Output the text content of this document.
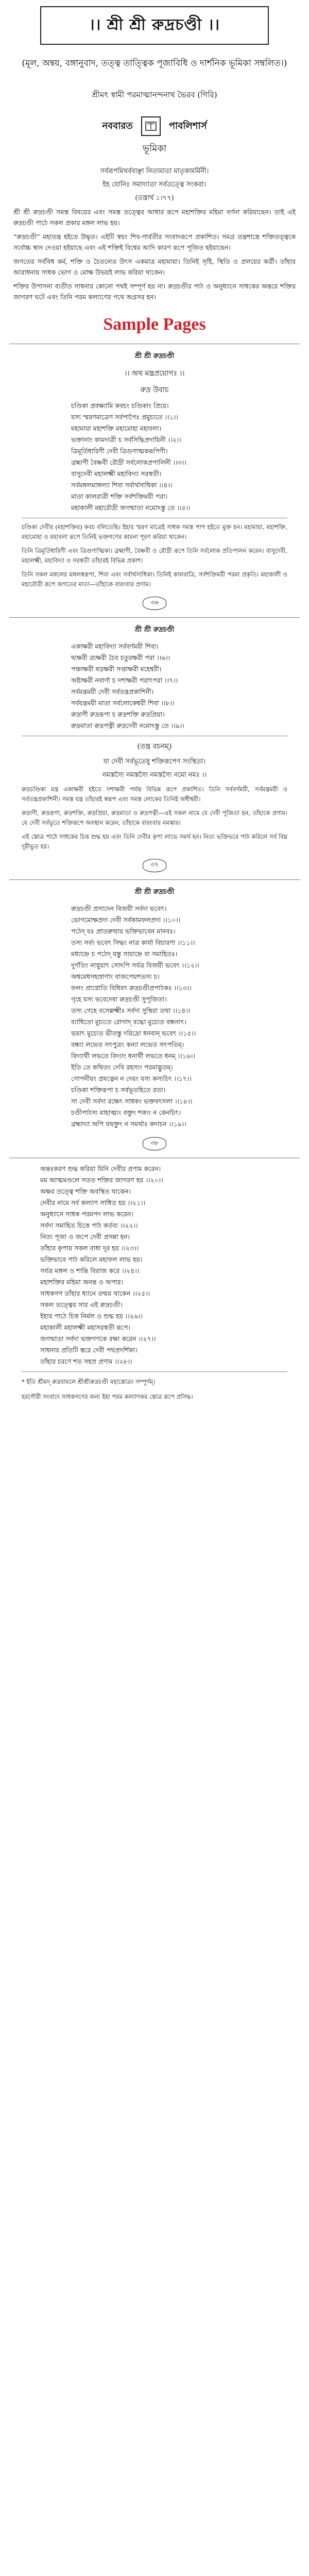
।। শ্রী শ্রী রুদ্রচণ্ডী ।।
(মূল, অন্বয়, বঙ্গানুবাদ, তত্ত্ব তাত্ত্বিক পূজাবিধি ও দার্শনিক ভূমিকা সম্বলিত।)
শ্রীমৎ স্বামী পরমাত্মানন্দনাথ ভৈরব (গিরি)
নববারত	পাবলিশার্স
ভূমিকা
সর্বরূপমিথর্ববাঞ্ছা নিত্যমাতা মাতৃকামর্মিনী।
ইহ যোনিঃ সমাদ্যাতা সর্বতত্ত্বে সংকরা।
(তন্ত্রার্থ ১।৭৭)

শ্রী শ্রী রুদ্রচণ্ডী সমস্ত বিষয়ের এবং সমস্ত তত্ত্বের আধার রূপে মহাশক্তির মহিমা বর্ণনা করিয়াছেন। তাই এই রুদ্রচণ্ডী পাঠে সকল প্রকার মঙ্গল লাভ হয়।

“রুদ্রচণ্ডী” মহাতন্ত্র হইতে উদ্ধৃত। এইটি স্বয়ং শিব-পার্বতীর সংবাদরূপে প্রকাশিত। সমগ্র তন্ত্রশাস্ত্রে শক্তিতত্ত্বকে সর্বোচ্চ স্থান দেওয়া হইয়াছে এবং এই শক্তিই বিশ্বের আদি কারণ রূপে পূজিত হইয়াছেন।

জগতের সর্ববিধ কর্ম, শক্তি ও চৈতন্যের উৎস একমাত্র মহামায়া। তিনিই সৃষ্টি, স্থিতি ও প্রলয়ের কর্ত্রী। তাঁহার আরাধনায় সাধক ভোগ ও মোক্ষ উভয়ই লাভ করিয়া থাকেন।

শক্তির উপাসনা ব্যতীত সাধনার কোনো পথই সম্পূর্ণ হয় না। রুদ্রচণ্ডীর পাঠ ও অনুধ্যানে সাধকের অন্তরে শক্তির জাগরণ ঘটে এবং তিনি পরম কল্যাণের পথে অগ্রসর হন।

Sample Pages
শ্রী শ্রী রুদ্রচণ্ডী
।। অথ মন্ত্রপ্রয়োগঃ ।।
রুদ্র উবাচ
চণ্ডিকা প্রবক্ষ্যামি কবচং চণ্ডিকাং প্রিয়ে।
যস্য স্মরণমাত্রেণ সর্বপাপৈঃ প্রমুচ্যতে ।।১।।
মহামায়া মহাশক্তি মহামোহা মহাবলা।
ভক্তানাং কামদাত্রী চ সর্বসিদ্ধিপ্রদায়িনী ।।২।।
ত্রিমূর্তিধারিণী দেবী ত্রিগুণাত্মকরূপিণী।
ব্রহ্মাণী বৈষ্ণবী রৌদ্রী সর্বলোকপ্রপালিনী ।।৩।।
বাসুদেবী মহালক্ষ্মী মহাবিদ্যা সরস্বতী।
সর্বমঙ্গলমাঙ্গল্যা শিবা সর্বার্থসাধিকা ।।৪।।
মাতা কালরাত্রী শক্তি সর্বশক্তিময়ী পরা।
মহাকালী মহারৌদ্রী জগন্মাতা নমোঽস্তু তে ।।৫।।

চণ্ডিকা দেবীর (মহাশক্তির) কবচ বলিতেছি। ইহার স্মরণ মাত্রেই সাধক সমস্ত পাপ হইতে মুক্ত হন। মহামায়া, মহাশক্তি, মহামোহা ও মহাবলা রূপে তিনিই ভক্তগণের কামনা পূরণ করিয়া থাকেন।

তিনি ত্রিমূর্তিধারিণী এবং ত্রিগুণাত্মিকা। ব্রহ্মাণী, বৈষ্ণবী ও রৌদ্রী রূপে তিনি সর্বলোক প্রতিপালন করেন। বাসুদেবী, মহালক্ষ্মী, মহাবিদ্যা ও সরস্বতী তাঁহারই বিভিন্ন প্রকাশ।

তিনি সকল মঙ্গলের মঙ্গলস্বরূপা, শিবা এবং সর্বার্থসাধিকা। তিনিই কালরাত্রি, সর্বশক্তিময়ী পরমা প্রকৃতি। মহাকালী ও মহারৌদ্রী রূপে জগতের মাতা—তাঁহাকে বারংবার প্রণাম।

৩৬
শ্রী শ্রী রুদ্রচণ্ডী
একাক্ষরী মহাবিদ্যা সর্ববর্ণময়ী শিবা।
দ্ব্যক্ষরী ত্র্যক্ষরী চৈব চতুরক্ষরী পরা ।।৬।।
পঞ্চাক্ষরী ষড়ক্ষরী সপ্তাক্ষরী মহেশ্বরী।
অষ্টাক্ষরী নবার্ণা চ দশাক্ষরী পরাৎপরা ।।৭।।
সর্বমন্ত্রময়ী দেবী সর্বতন্ত্রপ্রকাশিনী।
সর্বযন্ত্রময়ী মাতা সর্বলোকেশ্বরী শিবা ।।৮।।
রুদ্রাণী রুদ্ররূপা চ রুদ্রশক্তি রুদ্রপ্রিয়া।
রুদ্রমাতা রুদ্রপত্নী রুদ্রদেবী নমোঽস্তু তে ।।৯।।
(তন্ত্র বচনম্‌)
যা দেবী সর্বভূতেষু শক্তিরূপেণ সংস্থিতা।
নমস্তস্যৈ নমস্তস্যৈ নমস্তস্যৈ নমো নমঃ ।।

রুদ্রচণ্ডিকা মন্ত্র একাক্ষরী হইতে দশাক্ষরী পর্যন্ত বিভিন্ন রূপে প্রকাশিত। তিনি সর্ববর্ণময়ী, সর্বমন্ত্রময়ী ও সর্বতন্ত্রপ্রকাশিনী। সমস্ত যন্ত্র তাঁহারই স্বরূপ এবং সমস্ত লোকের তিনিই অধীশ্বরী।

রুদ্রাণী, রুদ্ররূপা, রুদ্রশক্তি, রুদ্রপ্রিয়া, রুদ্রমাতা ও রুদ্রপত্নী—এই সকল নামে যে দেবী পূজিতা হন, তাঁহাকে প্রণাম। যে দেবী সর্বভূতে শক্তিরূপে অবস্থান করেন, তাঁহাকে বারংবার নমস্কার।

এই স্তোত্র পাঠে সাধকের চিত্ত শুদ্ধ হয় এবং তিনি দেবীর কৃপা লাভে সমর্থ হন। নিত্য ভক্তিভরে পাঠ করিলে সর্ব বিঘ্ন দূরীভূত হয়।

৩৭
শ্রী শ্রী রুদ্রচণ্ডী
রুদ্রচণ্ডী প্রসাদেন বিজয়ী সর্বদা ভবেৎ।
ভোগমোক্ষপ্রদা দেবী সর্বকামফলপ্রদা ।।১০।।
পঠেদ্‌ যঃ প্রাতরুত্থায় ভক্তিভাবেন মানবঃ।
তস্য সর্বং ভবেৎ সিদ্ধং নাত্র কার্যা বিচারণা ।।১১।।
মধ্যাহ্নে চ পঠেদ্‌ যস্তু সায়াহ্নে বা সমাহিতঃ।
দুর্গতিং নাপ্নুয়াৎ সোঽপি সর্বত্র বিজয়ী ভবেৎ ।।১২।।
অশ্বমেধসহস্রাণাং বাজপেয়শতস্য চ।
ফলং প্রাপ্নোতি বিধিবৎ রুদ্রচণ্ডীপ্রপাঠকঃ ।।১৩।।
গৃহে যস্য ভবেদেষা রুদ্রচণ্ডী সুপূজিতা।
তস্য গেহে বসেল্লক্ষ্মীঃ সর্বদা সুস্থিরা তথা ।।১৪।।
ব্যাধিতো মুচ্যতে রোগাদ্‌ বদ্ধো মুচ্যেত বন্ধনাৎ।
ভয়াৎ মুচ্যেত ভীতস্তু দরিদ্রো ধনবান্‌ ভবেৎ ।।১৫।।
বন্ধ্যা লভেত সৎপুত্রং কন্যা লভেত সৎপতিম্‌।
বিদ্যার্থী লভতে বিদ্যাং ধনার্থী লভতে ধনম্‌ ।।১৬।।
ইতি তে কথিতং দেবি রহস্যং পরমাদ্ভুতম্‌।
গোপনীয়ং প্রযত্নেন ন দেয়ং যস্য কস্যচিৎ ।।১৭।।
চণ্ডিকা শক্তিরূপা চ সর্বভূতহিতে রতা।
সা দেবী সর্বদা রক্ষেৎ সাধকং ভক্তবৎসলা ।।১৮।।
চণ্ডীপাঠস্য মাহাত্ম্যং বক্তুং শক্যং ন কেনচিৎ।
ব্রহ্মাদ্যা অপি যদ্বক্তুং ন সমর্থাঃ কদাচন ।।১৯।।
৩৮
অন্তঃকরণ শুদ্ধ করিয়া যিনি দেবীর প্রণাম করেন।
মম আত্মমণ্ডলে সতত শক্তির জাগরণ হয় ।।২০।।
অক্ষর তত্ত্বে শক্তি অবস্থিত থাকেন।
দেবীর নামে সর্ব কল্যাণ সাধিত হয় ।।২১।।
অনুধ্যানে সাধক পরমপদ লাভ করেন।
সর্বদা সমাহিত চিত্তে পাঠ কর্তব্য ।।২২।।
নিত্য পূজা ও জপে দেবী প্রসন্না হন।
তাঁহার কৃপায় সকল বাধা দূর হয় ।।২৩।।
ভক্তিভাবে পাঠ করিলে মহাফল লাভ হয়।
সর্বত্র মঙ্গল ও শান্তি বিরাজ করে ।।২৪।।
মহাশক্তির মহিমা অনন্ত ও অপার।
সাধকগণ তাঁহার ধ্যানে তন্ময় থাকেন ।।২৫।।
সকল তত্ত্বের সার এই রুদ্রচণ্ডী।
ইহার পাঠে চিত্ত নির্মল ও শুদ্ধ হয় ।।২৬।।
মহাকালী মহালক্ষ্মী মহাসরস্বতী রূপে।
জগন্মাতা সর্বদা ভক্তগণকে রক্ষা করেন ।।২৭।।
সাধনার প্রতিটি স্তরে দেবী পথপ্রদর্শিকা।
তাঁহার চরণে শত সহস্র প্রণাম ।।২৮।।
* ইতি শ্রীমদ্‌ রুদ্রযামলে শ্রীশ্রীরুদ্রচণ্ডী মহাস্তোত্রং সম্পূর্ণম্‌।
হরগৌরী সংবাদে সাধকগণের জন্য ইহা পরম কল্যাণকর স্তোত্র রূপে প্রসিদ্ধ।
